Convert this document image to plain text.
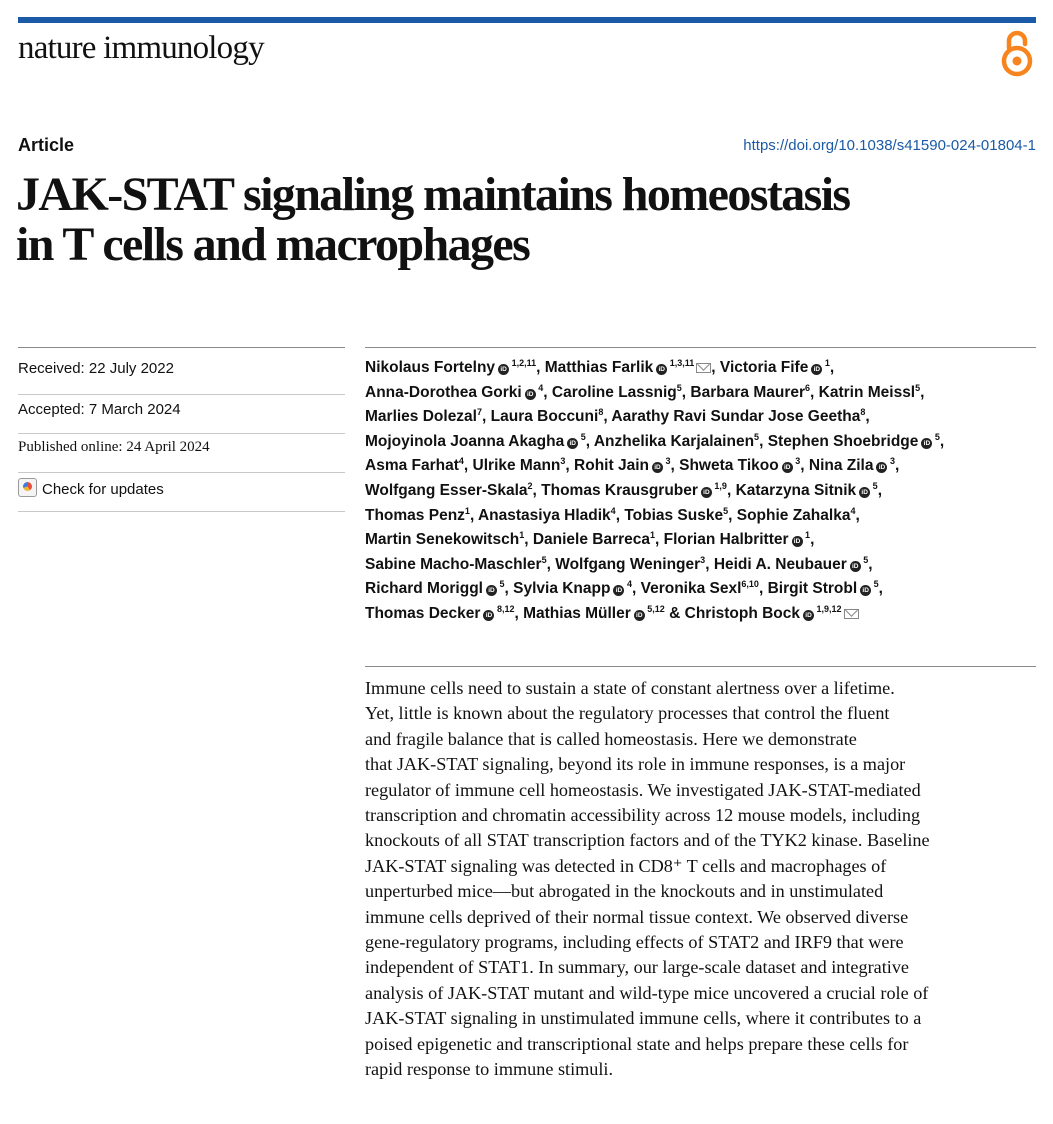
nature immunology
Article	https://doi.org/10.1038/s41590-024-01804-1
JAK-STAT signaling maintains homeostasis
in T cells and macrophages
Received: 22 July 2022
Accepted: 7 March 2024
Published online: 24 April 2024
Check for updates
Nikolaus Fortelny iD $^{1,2,11}$, Matthias Farlik iD $^{1,3,11}$ , Victoria Fife iD $^1$,
Anna-Dorothea Gorki iD $^4$, Caroline Lassnig$^5$, Barbara Maurer$^6$, Katrin Meissl$^5$,
Marlies Dolezal$^7$, Laura Boccuni$^8$, Aarathy Ravi Sundar Jose Geetha$^8$,
Mojoyinola Joanna Akagha iD $^5$, Anzhelika Karjalainen$^5$, Stephen Shoebridge iD $^5$,
Asma Farhat$^4$, Ulrike Mann$^3$, Rohit Jain iD $^3$, Shweta Tikoo iD $^3$, Nina Zila iD $^3$,
Wolfgang Esser-Skala$^2$, Thomas Krausgruber iD $^{1,9}$, Katarzyna Sitnik iD $^5$,
Thomas Penz$^1$, Anastasiya Hladik$^4$, Tobias Suske$^5$, Sophie Zahalka$^4$,
Martin Senekowitsch$^1$, Daniele Barreca$^1$, Florian Halbritter iD $^1$,
Sabine Macho-Maschler$^5$, Wolfgang Weninger$^3$, Heidi A. Neubauer iD $^5$,
Richard Moriggl iD $^5$, Sylvia Knapp iD $^4$, Veronika Sexl$^{6,10}$, Birgit Strobl iD $^5$,
Thomas Decker iD $^{8,12}$, Mathias Müller iD $^{5,12}$ & Christoph Bock iD $^{1,9,12}$

Immune cells need to sustain a state of constant alertness over a lifetime.
Yet, little is known about the regulatory processes that control the fluent
and fragile balance that is called homeostasis. Here we demonstrate
that JAK-STAT signaling, beyond its role in immune responses, is a major
regulator of immune cell homeostasis. We investigated JAK-STAT-mediated
transcription and chromatin accessibility across 12 mouse models, including
knockouts of all STAT transcription factors and of the TYK2 kinase. Baseline
JAK-STAT signaling was detected in CD8⁺ T cells and macrophages of
unperturbed mice—but abrogated in the knockouts and in unstimulated
immune cells deprived of their normal tissue context. We observed diverse
gene-regulatory programs, including effects of STAT2 and IRF9 that were
independent of STAT1. In summary, our large-scale dataset and integrative
analysis of JAK-STAT mutant and wild-type mice uncovered a crucial role of
JAK-STAT signaling in unstimulated immune cells, where it contributes to a
poised epigenetic and transcriptional state and helps prepare these cells for
rapid response to immune stimuli.
